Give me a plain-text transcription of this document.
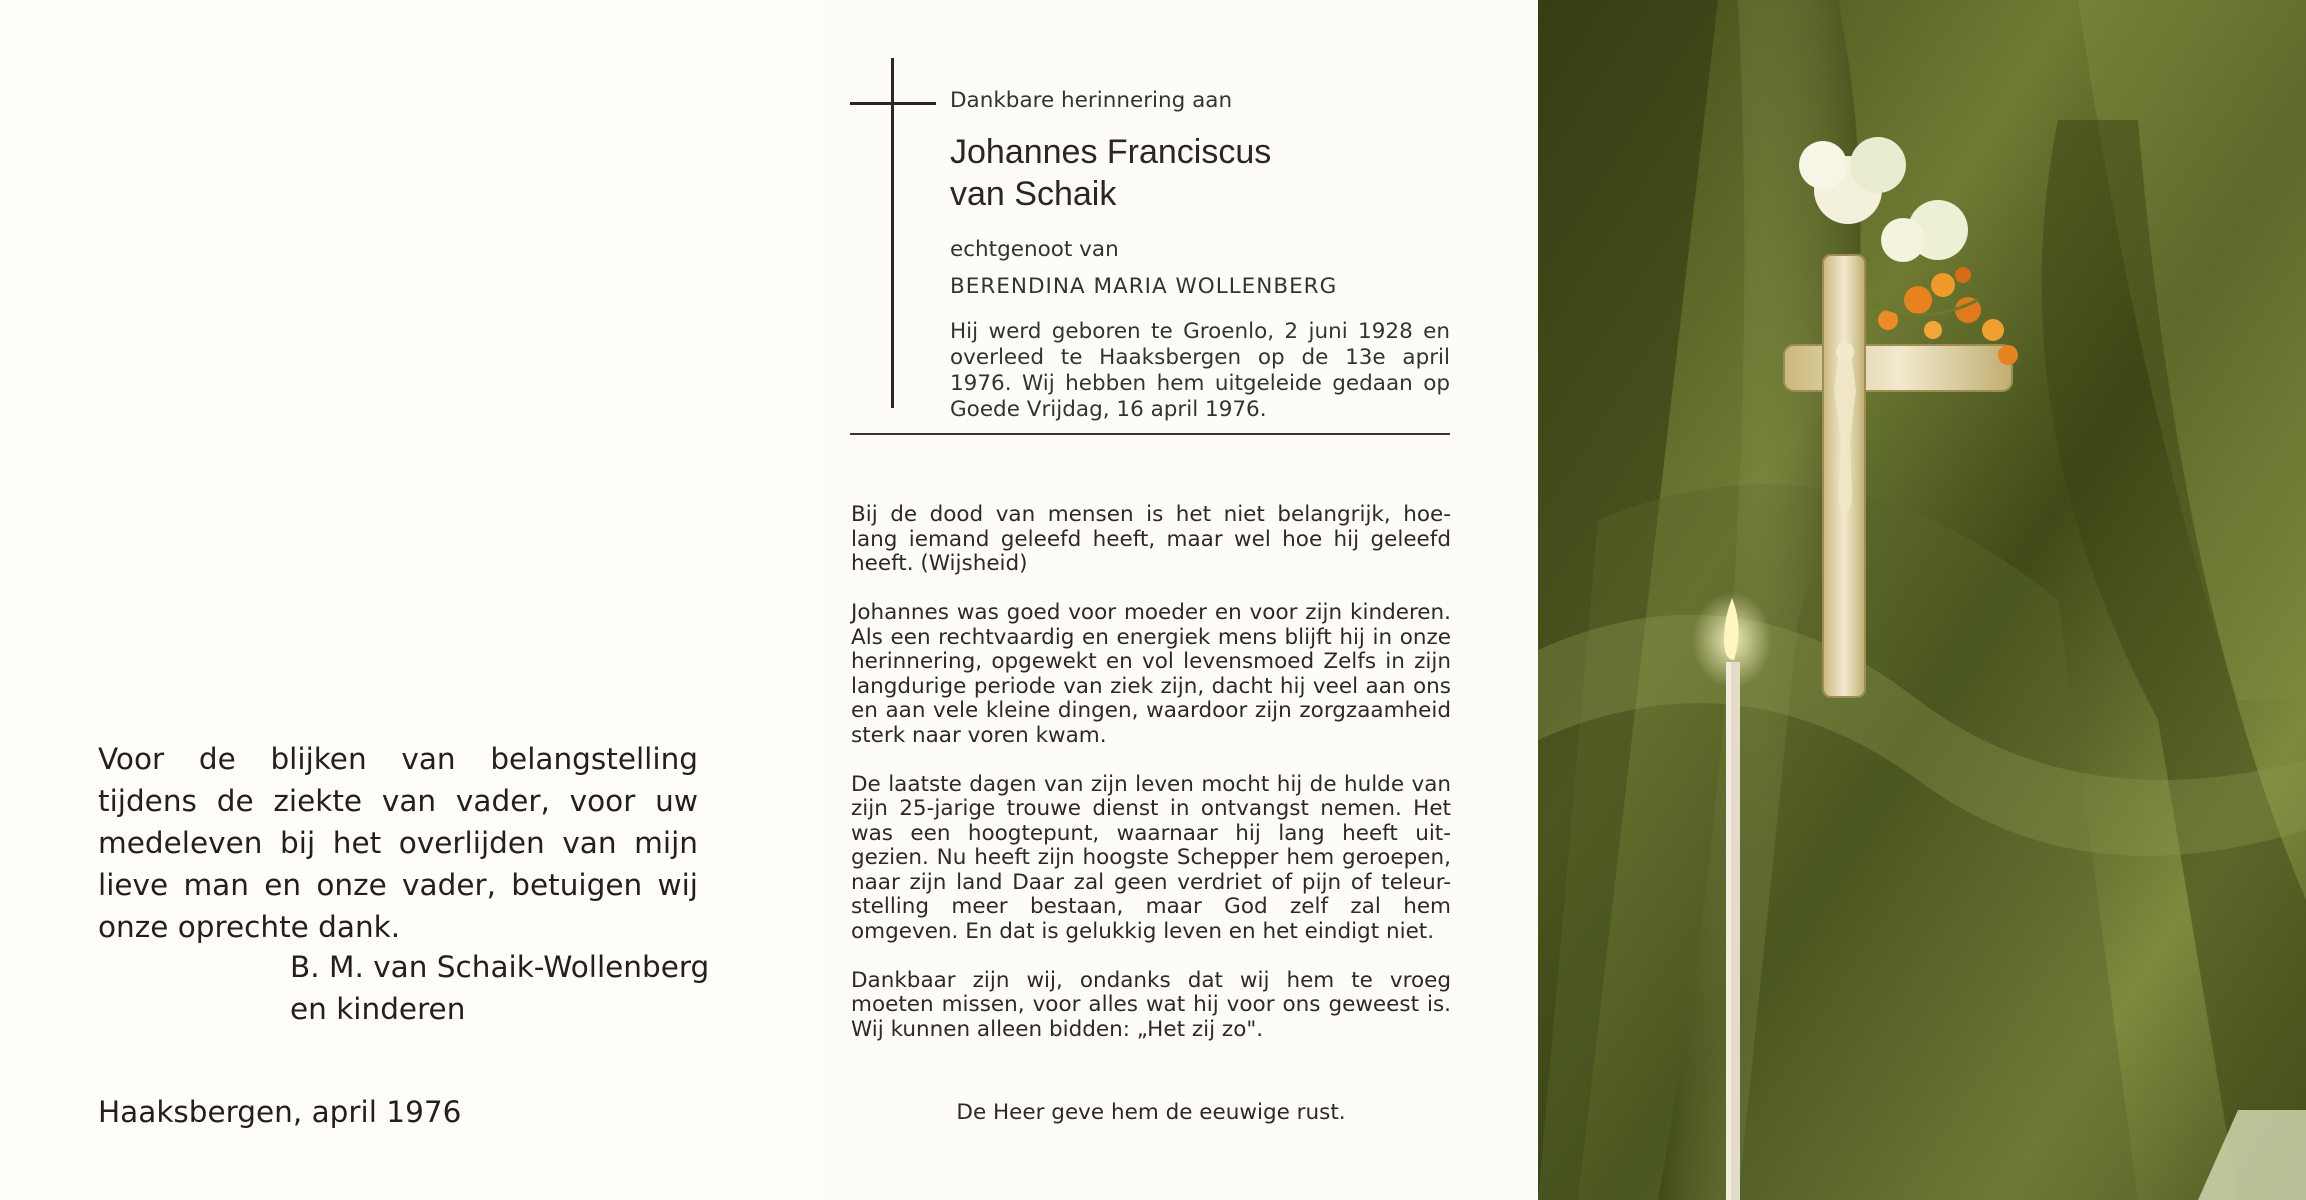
Voor de blijken van belangstelling tijdens de ziekte van vader, voor uw medeleven bij het overlijden van mijn lieve man en onze vader, betuigen wij onze oprechte dank.

B. M. van Schaik-Wollenberg
en kinderen
Haaksbergen, april 1976

Dankbare herinnering aan

Johannes Franciscus
van Schaik

echtgenoot van

BERENDINA MARIA WOLLENBERG

Hij werd geboren te Groenlo, 2 juni 1928 en overleed te Haaksbergen op de 13e april 1976. Wij hebben hem uitgeleide gedaan op Goede Vrijdag, 16 april 1976.

Bij de dood van mensen is het niet belangrijk, hoe- lang iemand geleefd heeft, maar wel hoe hij geleefd heeft. (Wijsheid)

Johannes was goed voor moeder en voor zijn kinderen. Als een rechtvaardig en energiek mens blijft hij in onze herinnering, opgewekt en vol levensmoed Zelfs in zijn langdurige periode van ziek zijn, dacht hij veel aan ons en aan vele kleine dingen, waardoor zijn zorgzaamheid sterk naar voren kwam.

De laatste dagen van zijn leven mocht hij de hulde van zijn 25-jarige trouwe dienst in ontvangst nemen. Het was een hoogtepunt, waarnaar hij lang heeft uit- gezien. Nu heeft zijn hoogste Schepper hem geroepen, naar zijn land Daar zal geen verdriet of pijn of teleur- stelling meer bestaan, maar God zelf zal hem omgeven. En dat is gelukkig leven en het eindigt niet.

Dankbaar zijn wij, ondanks dat wij hem te vroeg moeten missen, voor alles wat hij voor ons geweest is. Wij kunnen alleen bidden: „Het zij zo".

De Heer geve hem de eeuwige rust.
